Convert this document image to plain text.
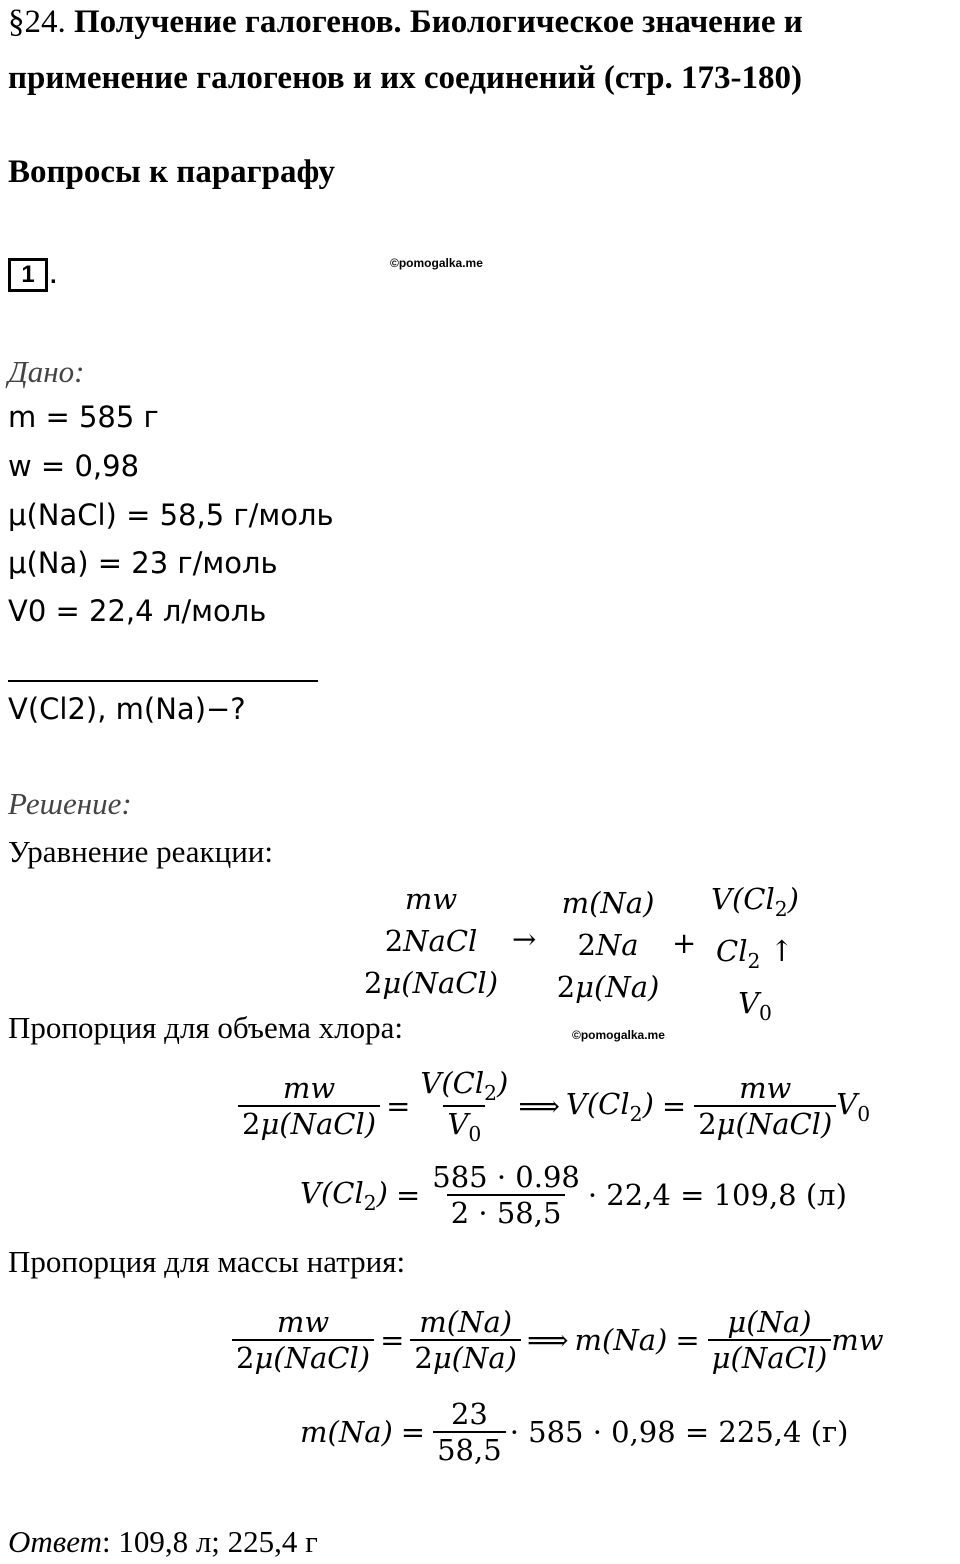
§24. Получение галогенов. Биологическое значение и
применение галогенов и их соединений (стр. 173-180)
Вопросы к параграфу
1 .	©pomogalka.me
Дано:
m = 585 г
w = 0,98
μ(NaCl) = 58,5 г/моль
μ(Na) = 23 г/моль
V0 = 22,4 л/моль
V(Cl2), m(Na)−?
Решение:
Уравнение реакции:
mw
2NaCl
2μ(NaCl)
→
m(Na)
2Na
2μ(Na)
+
$V(Cl_2)$
$Cl_2$ ↑
$V_0$
Пропорция для объема хлора:	©pomogalka.me
$\frac{mw}{\text{2μ(NaCl)}} = \frac{V(Cl_2)}{V_0}$ ⟹ $V(Cl_2) = \frac{mw}{\text{2μ(NaCl)}} V_0$
$V(Cl_2) = \frac{585 \cdot 0.98}{2 \cdot 58,5} \cdot 22,4 = 109,8$ (л)
Пропорция для массы натрия:
$\frac{mw}{\text{2μ(NaCl)}} = \frac{m(Na)}{2\mu(Na)}$ ⟹ $m(Na) = \frac{\mu(Na)}{\text{μ(NaCl)}}$ mw
$m(Na) = \frac{23}{58,5} \cdot 585 \cdot 0,98 = 225,4$ (г)
Ответ: 109,8 л; 225,4 г
